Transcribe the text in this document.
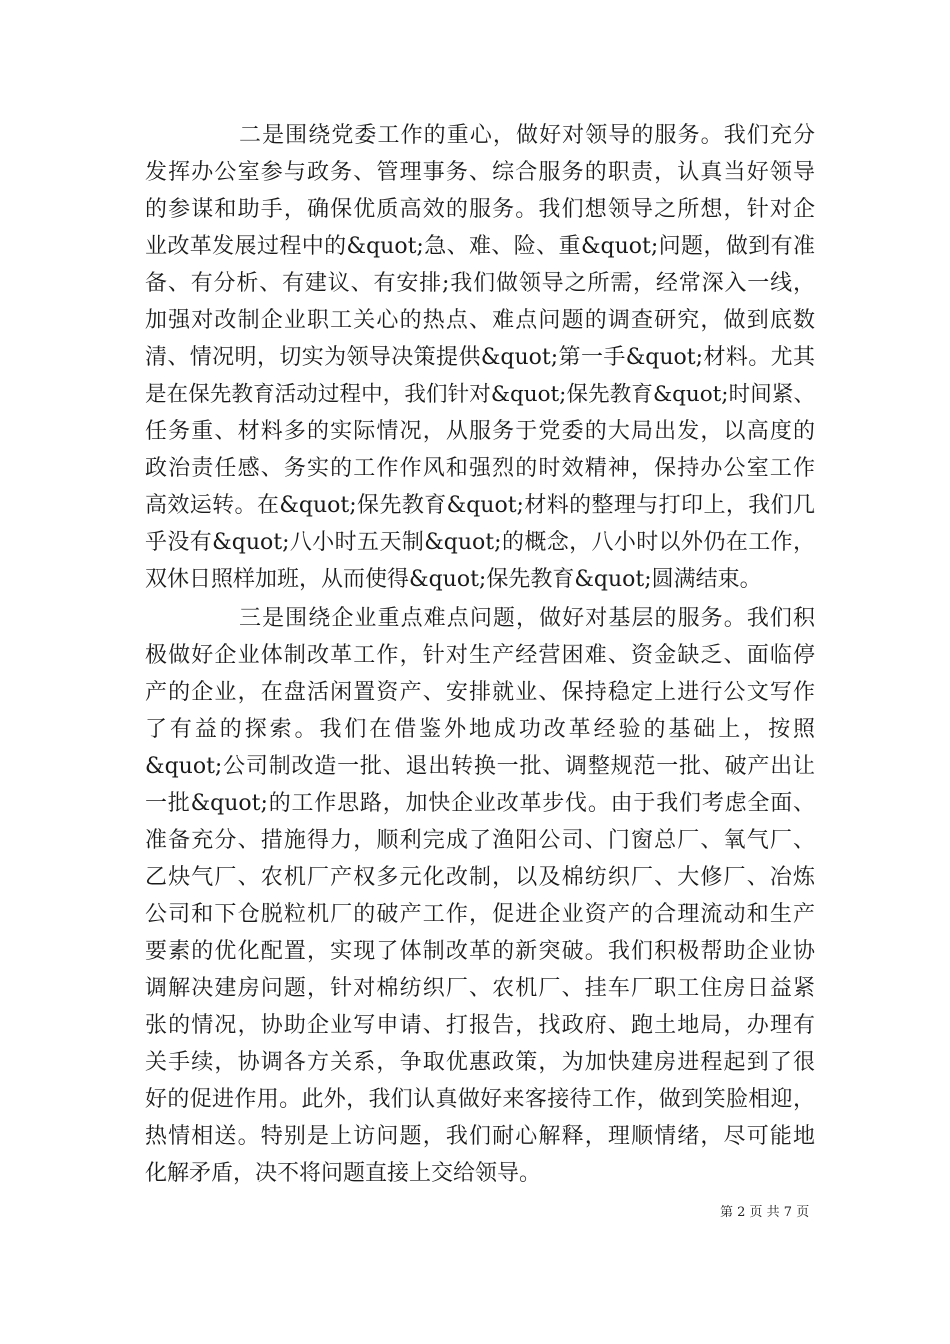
二是围绕党委工作的重心，做好对领导的服务。我们充分
发挥办公室参与政务、管理事务、综合服务的职责，认真当好领导
的参谋和助手，确保优质高效的服务。我们想领导之所想，针对企
业改革发展过程中的&quot;急、难、险、重&quot;问题，做到有准
备、有分析、有建议、有安排;我们做领导之所需，经常深入一线，
加强对改制企业职工关心的热点、难点问题的调查研究，做到底数
清、情况明，切实为领导决策提供&quot;第一手&quot;材料。尤其
是在保先教育活动过程中，我们针对&quot;保先教育&quot;时间紧、
任务重、材料多的实际情况，从服务于党委的大局出发，以高度的
政治责任感、务实的工作作风和强烈的时效精神，保持办公室工作
高效运转。在&quot;保先教育&quot;材料的整理与打印上，我们几
乎没有&quot;八小时五天制&quot;的概念，八小时以外仍在工作，
双休日照样加班，从而使得&quot;保先教育&quot;圆满结束。
三是围绕企业重点难点问题，做好对基层的服务。我们积
极做好企业体制改革工作，针对生产经营困难、资金缺乏、面临停
产的企业，在盘活闲置资产、安排就业、保持稳定上进行公文写作
了有益的探索。我们在借鉴外地成功改革经验的基础上，按照
&quot;公司制改造一批、退出转换一批、调整规范一批、破产出让
一批&quot;的工作思路，加快企业改革步伐。由于我们考虑全面、
准备充分、措施得力，顺利完成了渔阳公司、门窗总厂、氧气厂、
乙炔气厂、农机厂产权多元化改制，以及棉纺织厂、大修厂、冶炼
公司和下仓脱粒机厂的破产工作，促进企业资产的合理流动和生产
要素的优化配置，实现了体制改革的新突破。我们积极帮助企业协
调解决建房问题，针对棉纺织厂、农机厂、挂车厂职工住房日益紧
张的情况，协助企业写申请、打报告，找政府、跑土地局，办理有
关手续，协调各方关系，争取优惠政策，为加快建房进程起到了很
好的促进作用。此外，我们认真做好来客接待工作，做到笑脸相迎，
热情相送。特别是上访问题，我们耐心解释，理顺情绪，尽可能地
化解矛盾，决不将问题直接上交给领导。
第 2 页 共 7 页
